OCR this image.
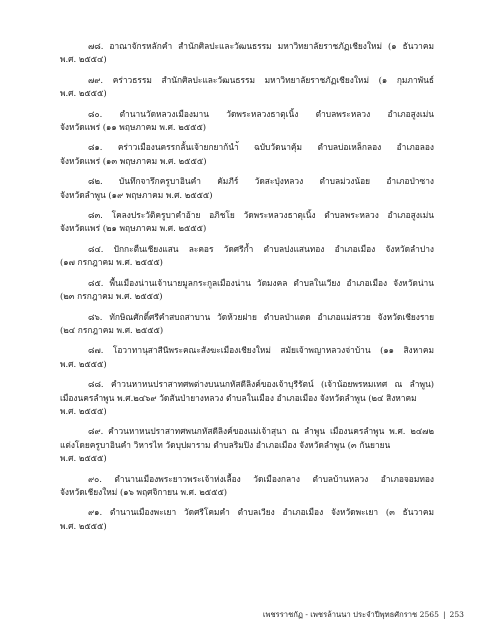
๗๘. อาณาจักรหลักคำ สำนักศิลปะและวัฒนธรรม มหาวิทยาลัยราชภัฏเชียงใหม่ (๑ ธันวาคม
พ.ศ. ๒๕๕๔)
๗๙. คร่าวธรรม สำนักศิลปะและวัฒนธรรม มหาวิทยาลัยราชภัฏเชียงใหม่ (๑ กุมภาพันธ์
พ.ศ. ๒๕๕๕)
๘๐. ตำนานวัดหลวงเมืองมาน วัดพระหลวงธาตุเนิ้ง ตำบลพระหลวง อำเภอสูงเม่น
จังหวัดแพร่ (๑๑ พฤษภาคม พ.ศ. ๒๕๕๕)
๘๑. คร่าวเมืองนครรกลั้นเจ้ายกยาก้นำ้ ฉบับวัดนาคุ้ม ตำบลบ่อเหล็กลอง อำเภอลอง
จังหวัดแพร่ (๑๓ พฤษภาคม พ.ศ. ๒๕๕๕)
๘๒. บันทึกจารึกครูบาอินคำ คัมภีร์ วัดสะปุ่งหลวง ตำบลม่วงน้อย อำเภอป่าซาง
จังหวัดลำพูน (๑๙ พฤษภาคม พ.ศ. ๒๕๕๕)
๘๓. โคลงประวัติครูบาคำอ้าย อภิชโย วัดพระหลวงธาตุเนิ้ง ตำบลพระหลวง อำเภอสูงเม่น
จังหวัดแพร่ (๒๑ พฤษภาคม พ.ศ. ๒๕๕๕)
๘๔. ปักกะตืนเชียงแสน ละคอร วัดศรีก้ำ ตำบลปงแสนทอง อำเภอเมือง จังหวัดลำปาง
(๑๗ กรกฎาคม พ.ศ. ๒๕๕๕)
๘๕. พื้นเมืองน่านเจ้านายมูลกระกูลเมืองน่าน วัดมงคล ตำบลในเวียง อำเภอเมือง จังหวัดน่าน
(๒๓ กรกฎาคม พ.ศ. ๒๕๕๕)
๘๖. ทักษิณศักดิ์ศรีคำสบถสาบาน วัดห้วยฝาย ตำบลป่าแดด อำเภอแม่สรวย จังหวัดเชียงราย
(๒๔ กรกฎาคม พ.ศ. ๒๕๕๕)
๘๗. โอวาทานุสาสีนีพระคณะสังฆะเมืองเชียงใหม่ สมัยเจ้าพญาหลวงจ่าบ้าน (๑๑ สิงหาคม
พ.ศ. ๒๕๕๕)
๘๘. คำวนหาหนปราสาทศพต่างบนนกหัสดีลิงค์ของเจ้าบุรีรัตน์ (เจ้าน้อยพรหมเทศ ณ ลำพูน)
เมืองนครลำพูน พ.ศ.๒๔๖๙ วัดสันป่ายางหลวง ตำบลในเมือง อำเภอเมือง จังหวัดลำพูน (๒๔ สิงหาคม
พ.ศ. ๒๕๕๕)
๘๙. คำวนหาหนปราสาทศพนกหัสดีลิงค์ของแม่เจ้าสุนา ณ ลำพูน เมืองนครลำพูน พ.ศ. ๒๔๗๒
แต่งโดยครูบาอินคำ วิหารไท วัดบุปผาราม ตำบลริมปิง อำเภอเมือง จังหวัดลำพูน (๓ กันยายน
พ.ศ. ๒๕๕๕)
๙๐. ตำนานเมืองพระยาวพระเจ้าห่งเลื้อง วัดเมืองกลาง ตำบลบ้านหลวง อำเภอจอมทอง
จังหวัดเชียงใหม่ (๑๖ พฤศจิกายน พ.ศ. ๒๕๕๕)
๙๑. ตำนานเมืองพะเยา วัดศรีโคมคำ ตำบลเวียง อำเภอเมือง จังหวัดพะเยา (๓ ธันวาคม
พ.ศ. ๒๕๕๕)
เพชรราชกัฏ - เพชรล้านนา ประจำปีพุทธศักราช 2565 | 253
